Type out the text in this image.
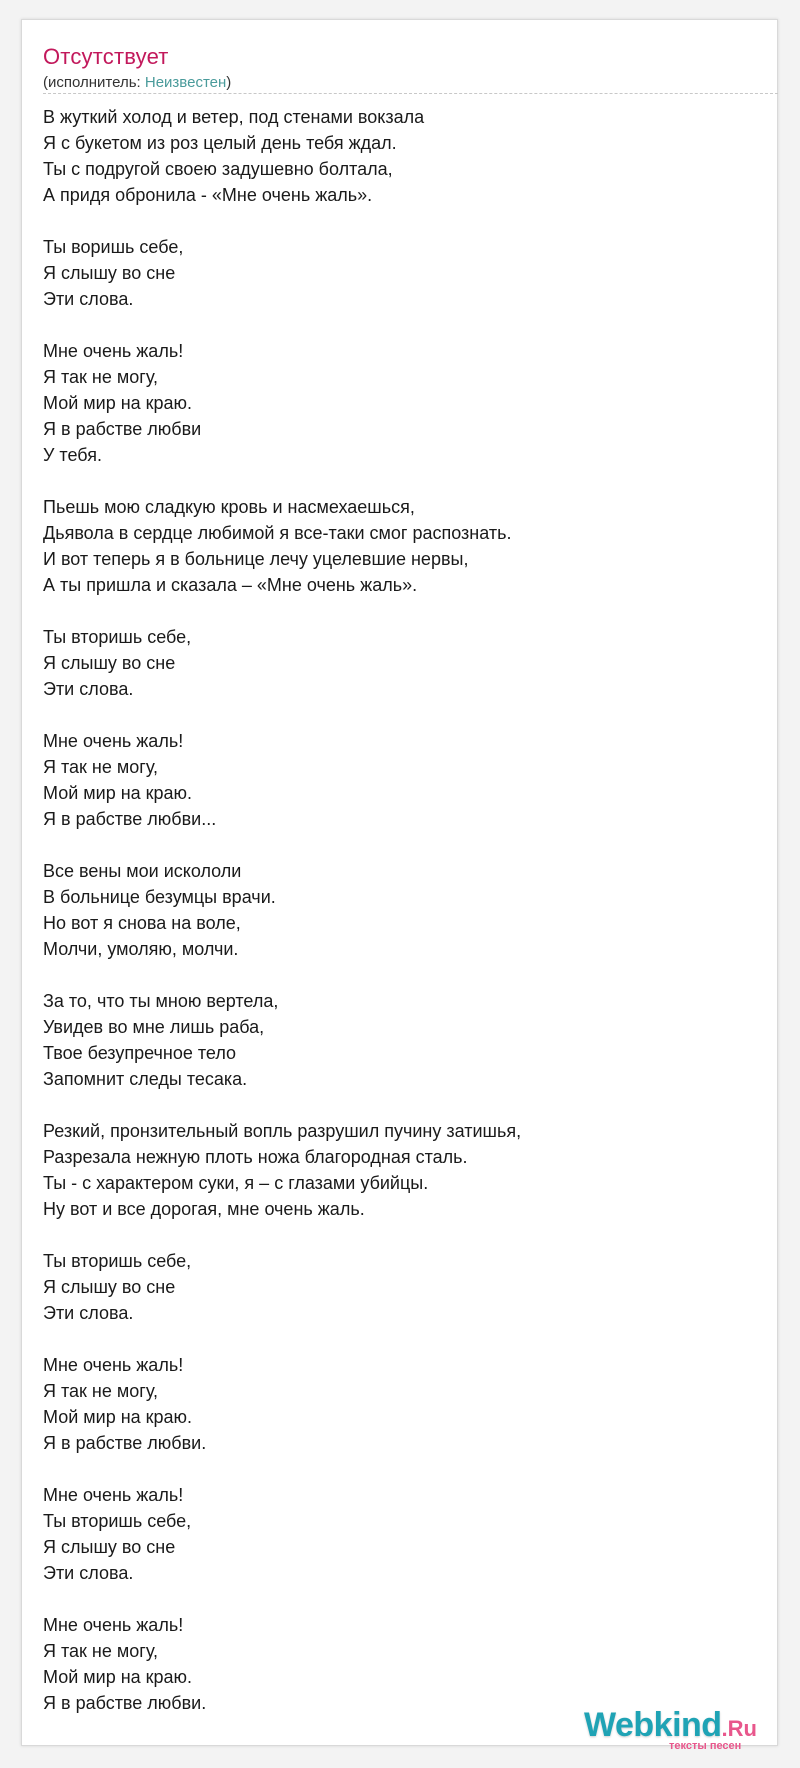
Отсутствует
(исполнитель: Неизвестен)
В жуткий холод и ветер, под стенами вокзала
Я с букетом из роз целый день тебя ждал.
Ты с подругой своею задушевно болтала,
А придя обронила - «Мне очень жаль».
Ты воришь себе,
Я слышу во сне
Эти слова.
Мне очень жаль!
Я так не могу,
Мой мир на краю.
Я в рабстве любви
У тебя.
Пьешь мою сладкую кровь и насмехаешься,
Дьявола в сердце любимой я все-таки смог распознать.
И вот теперь я в больнице лечу уцелевшие нервы,
А ты пришла и сказала – «Мне очень жаль».
Ты вторишь себе,
Я слышу во сне
Эти слова.
Мне очень жаль!
Я так не могу,
Мой мир на краю.
Я в рабстве любви...
Все вены мои искололи
В больнице безумцы врачи.
Но вот я снова на воле,
Молчи, умоляю, молчи.
За то, что ты мною вертела,
Увидев во мне лишь раба,
Твое безупречное тело
Запомнит следы тесака.
Резкий, пронзительный вопль разрушил пучину затишья,
Разрезала нежную плоть ножа благородная сталь.
Ты - с характером суки, я – с глазами убийцы.
Ну вот и все дорогая, мне очень жаль.
Ты вторишь себе,
Я слышу во сне
Эти слова.
Мне очень жаль!
Я так не могу,
Мой мир на краю.
Я в рабстве любви.
Мне очень жаль!
Ты вторишь себе,
Я слышу во сне
Эти слова.
Мне очень жаль!
Я так не могу,
Мой мир на краю.
Я в рабстве любви.
Webkind.Ru
тексты песен
